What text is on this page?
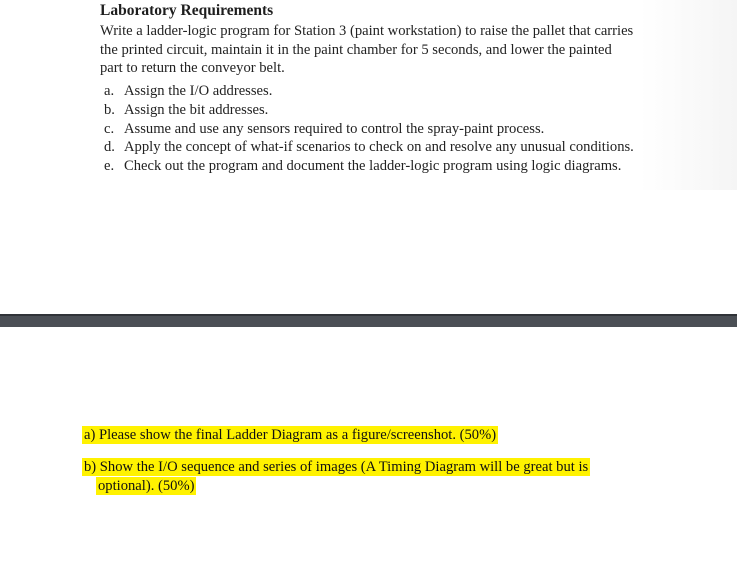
Laboratory Requirements
Write a ladder-logic program for Station 3 (paint workstation) to raise the pallet that carries
the printed circuit, maintain it in the paint chamber for 5 seconds, and lower the painted
part to return the conveyor belt.
a. Assign the I/O addresses.
b. Assign the bit addresses.
c. Assume and use any sensors required to control the spray-paint process.
d. Apply the concept of what-if scenarios to check on and resolve any unusual conditions.
e. Check out the program and document the ladder-logic program using logic diagrams.
a) Please show the final Ladder Diagram as a figure/screenshot. (50%)
b) Show the I/O sequence and series of images (A Timing Diagram will be great but is
optional). (50%)
